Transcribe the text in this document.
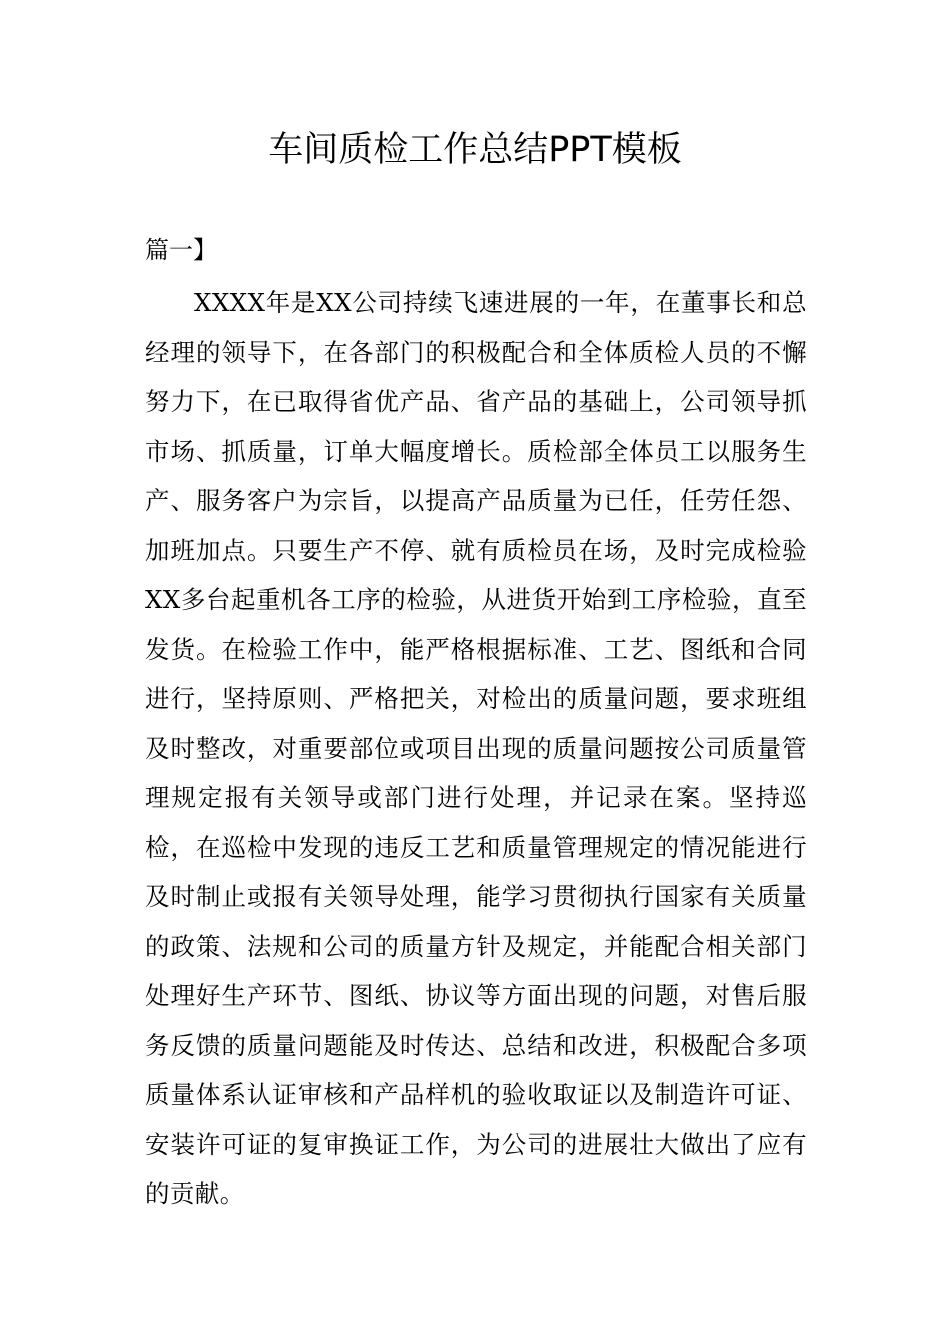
车间质检工作总结PPT模板

篇一】

XXXX年是XX公司持续飞速进展的一年，在董事长和总经理的领导下，在各部门的积极配合和全体质检人员的不懈努力下，在已取得省优产品、省产品的基础上，公司领导抓市场、抓质量，订单大幅度增长。质检部全体员工以服务生产、服务客户为宗旨，以提高产品质量为已任，任劳任怨、加班加点。只要生产不停、就有质检员在场，及时完成检验XX多台起重机各工序的检验，从进货开始到工序检验，直至发货。在检验工作中，能严格根据标准、工艺、图纸和合同进行，坚持原则、严格把关，对检出的质量问题，要求班组及时整改，对重要部位或项目出现的质量问题按公司质量管理规定报有关领导或部门进行处理，并记录在案。坚持巡检，在巡检中发现的违反工艺和质量管理规定的情况能进行及时制止或报有关领导处理，能学习贯彻执行国家有关质量的政策、法规和公司的质量方针及规定，并能配合相关部门处理好生产环节、图纸、协议等方面出现的问题，对售后服务反馈的质量问题能及时传达、总结和改进，积极配合多项质量体系认证审核和产品样机的验收取证以及制造许可证、安装许可证的复审换证工作，为公司的进展壮大做出了应有的贡献。
